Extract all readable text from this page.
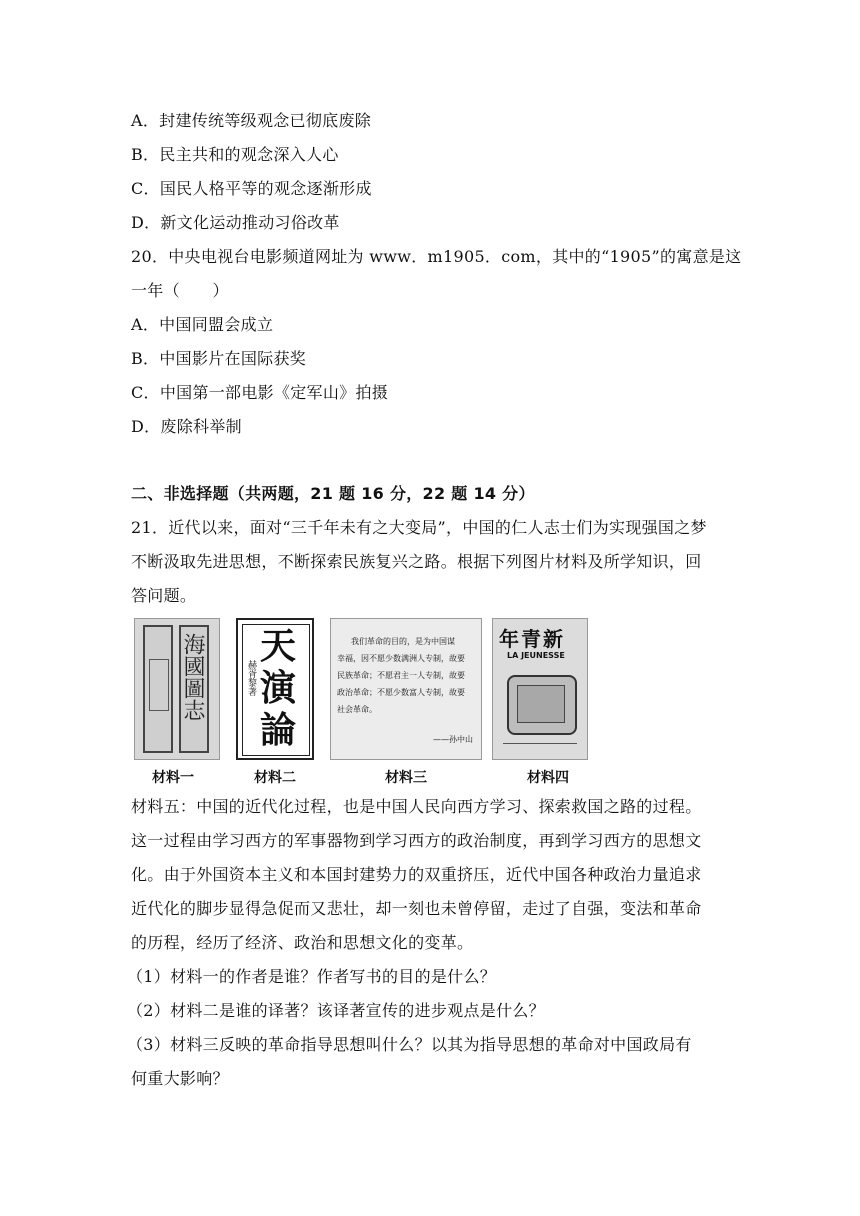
A．封建传统等级观念已彻底废除
B．民主共和的观念深入人心
C．国民人格平等的观念逐渐形成
D．新文化运动推动习俗改革
20．中央电视台电影频道网址为 www．m1905．com，其中的“1905”的寓意是这
一年（　　）
A．中国同盟会成立
B．中国影片在国际获奖
C．中国第一部电影《定军山》拍摄
D．废除科举制
二、非选择题（共两题，21 题 16 分，22 题 14 分）
21．近代以来，面对“三千年未有之大变局”，中国的仁人志士们为实现强国之梦
不断汲取先进思想，不断探索民族复兴之路。根据下列图片材料及所学知识，回
答问题。
海國圖志 天
演
論
赫胥黎著
我们革命的目的，是为中国谋
幸福，因不愿少数满洲人专制，故要
民族革命；不愿君主一人专制，故要
政治革命；不愿少数富人专制，故要
社会革命。
——孙中山
年青新
LA JEUNESSE
材料一	材料二	材料三	材料四
材料五：中国的近代化过程，也是中国人民向西方学习、探索救国之路的过程。
这一过程由学习西方的军事器物到学习西方的政治制度，再到学习西方的思想文
化。由于外国资本主义和本国封建势力的双重挤压，近代中国各种政治力量追求
近代化的脚步显得急促而又悲壮，却一刻也未曾停留，走过了自强，变法和革命
的历程，经历了经济、政治和思想文化的变革。
（1）材料一的作者是谁？作者写书的目的是什么？
（2）材料二是谁的译著？该译著宣传的进步观点是什么？
（3）材料三反映的革命指导思想叫什么？以其为指导思想的革命对中国政局有
何重大影响？
